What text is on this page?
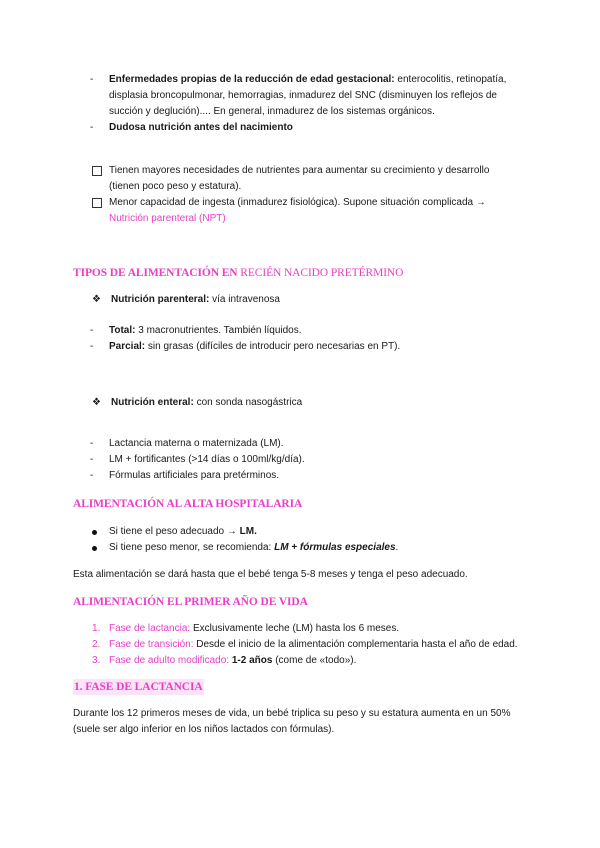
- Enfermedades propias de la reducción de edad gestacional: enterocolitis, retinopatía,
displasia broncopulmonar, hemorragias, inmadurez del SNC (disminuyen los reflejos de
succión y deglución).... En general, inmadurez de los sistemas orgánicos.
- Dudosa nutrición antes del nacimiento
Tienen mayores necesidades de nutrientes para aumentar su crecimiento y desarrollo
(tienen poco peso y estatura).
Menor capacidad de ingesta (inmadurez fisiológica). Supone situación complicada →
Nutrición parenteral (NPT)
TIPOS DE ALIMENTACIÓN EN RECIÉN NACIDO PRETÉRMINO
❖ Nutrición parenteral: vía intravenosa
- Total: 3 macronutrientes. También líquidos.
- Parcial: sin grasas (difíciles de introducir pero necesarias en PT).
❖ Nutrición enteral: con sonda nasogástrica
- Lactancia materna o maternizada (LM).
- LM + fortificantes (>14 días o 100ml/kg/día).
- Fórmulas artificiales para pretérminos.
ALIMENTACIÓN AL ALTA HOSPITALARIA
Si tiene el peso adecuado → LM.
Si tiene peso menor, se recomienda: LM + fórmulas especiales.
Esta alimentación se dará hasta que el bebé tenga 5-8 meses y tenga el peso adecuado.
ALIMENTACIÓN EL PRIMER AÑO DE VIDA
1. Fase de lactancia: Exclusivamente leche (LM) hasta los 6 meses.
2. Fase de transición: Desde el inicio de la alimentación complementaria hasta el año de edad.
3. Fase de adulto modificado: 1-2 años (come de «todo»).
1. FASE DE LACTANCIA
Durante los 12 primeros meses de vida, un bebé triplica su peso y su estatura aumenta en un 50%
(suele ser algo inferior en los niños lactados con fórmulas).
